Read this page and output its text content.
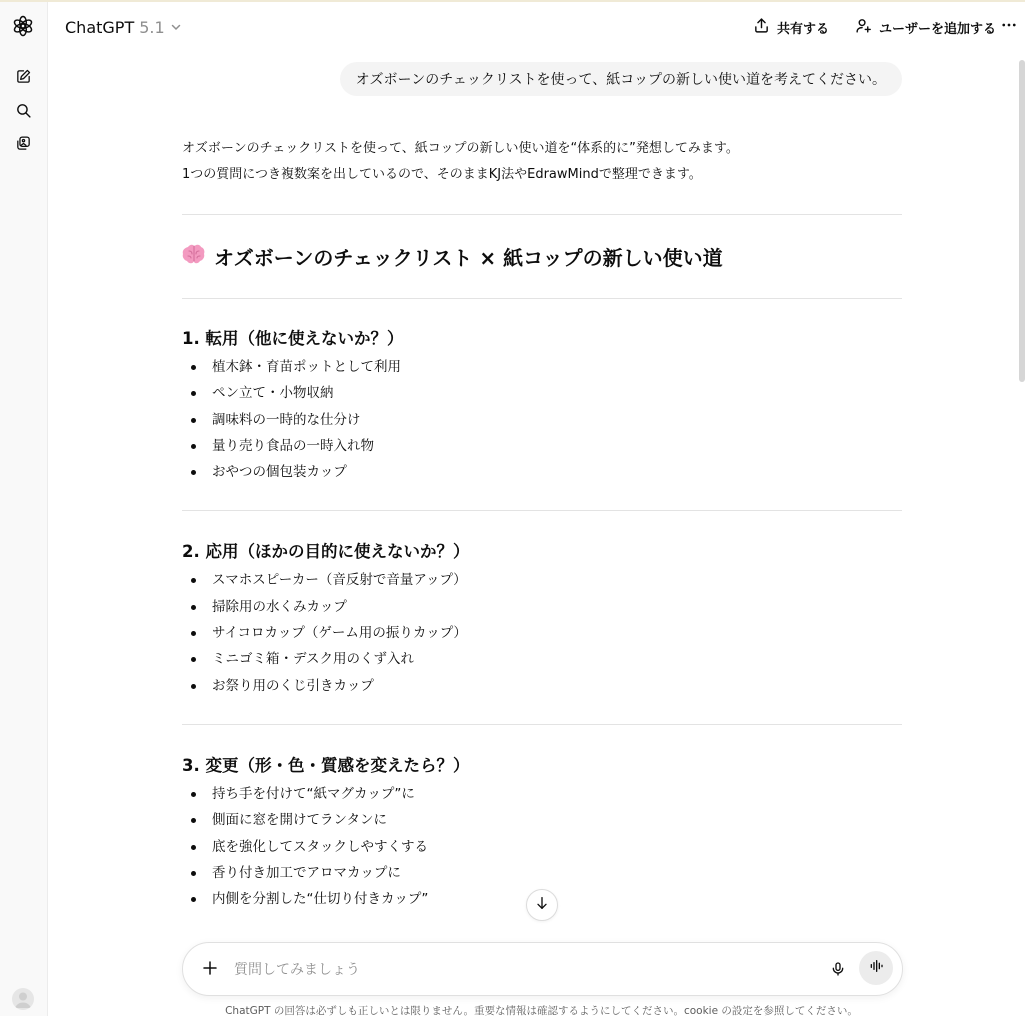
ChatGPT 5.1	共有する	ユーザーを追加する
オズボーンのチェックリストを使って、紙コップの新しい使い道を考えてください。

オズボーンのチェックリストを使って、紙コップの新しい使い道を“体系的に”発想してみます。

1つの質問につき複数案を出しているので、そのままKJ法やEdrawMindで整理できます。

オズボーンのチェックリスト × 紙コップの新しい使い道
1. 転用（他に使えないか？）
植木鉢・育苗ポットとして利用
ペン立て・小物収納
調味料の一時的な仕分け
量り売り食品の一時入れ物
おやつの個包装カップ
2. 応用（ほかの目的に使えないか？）
スマホスピーカー（音反射で音量アップ）
掃除用の水くみカップ
サイコロカップ（ゲーム用の振りカップ）
ミニゴミ箱・デスク用のくず入れ
お祭り用のくじ引きカップ
3. 変更（形・色・質感を変えたら？）
持ち手を付けて“紙マグカップ”に
側面に窓を開けてランタンに
底を強化してスタックしやすくする
香り付き加工でアロマカップに
内側を分割した“仕切り付きカップ”
質問してみましょう
ChatGPT の回答は必ずしも正しいとは限りません。重要な情報は確認するようにしてください。cookie の設定を参照してください。
